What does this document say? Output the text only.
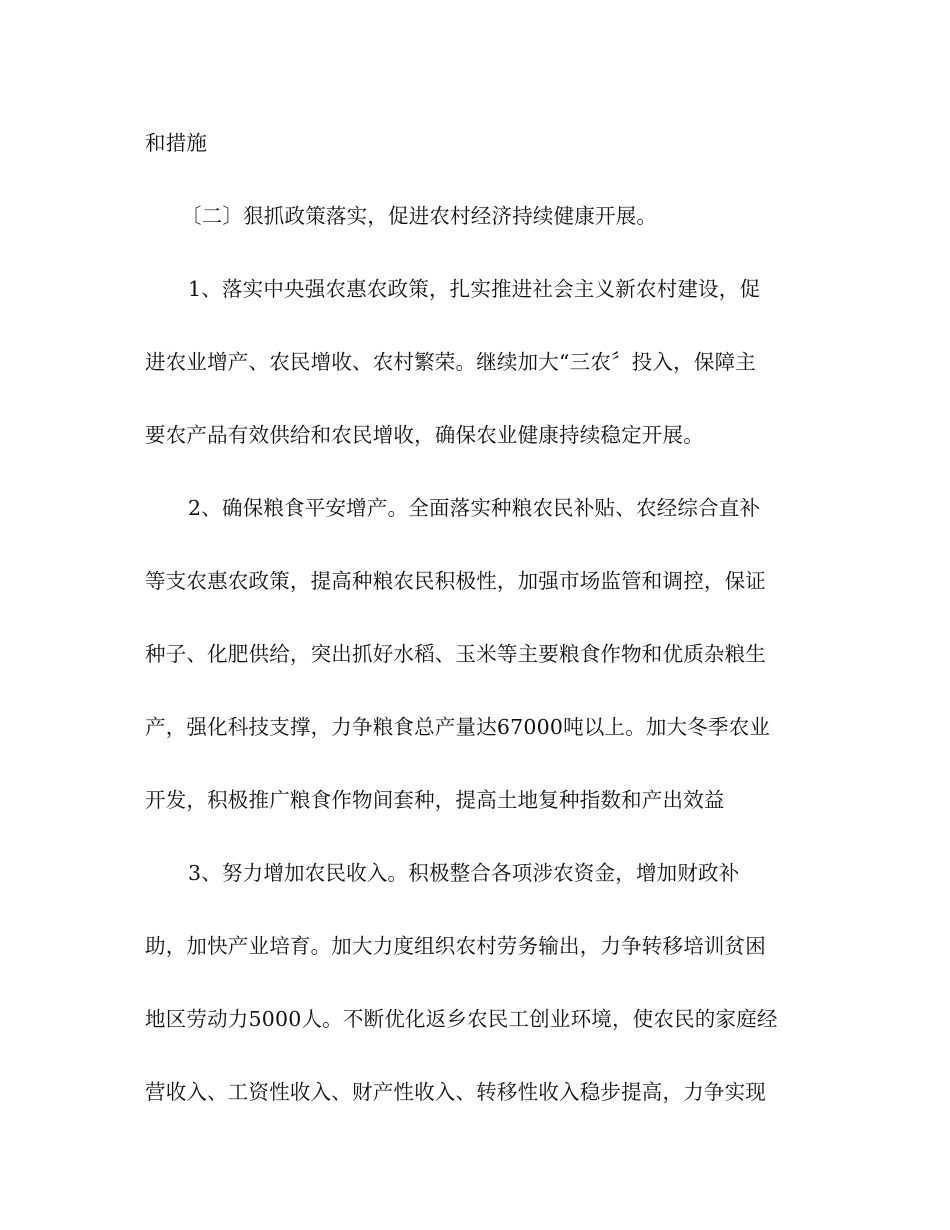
和措施
〔二〕狠抓政策落实，促进农村经济持续健康开展。
1、落实中央强农惠农政策，扎实推进社会主义新农村建设，促
进农业增产、农民增收、农村繁荣。继续加大“三农〞投入，保障主
要农产品有效供给和农民增收，确保农业健康持续稳定开展。
2、确保粮食平安增产。全面落实种粮农民补贴、农经综合直补
等支农惠农政策，提高种粮农民积极性，加强市场监管和调控，保证
种子、化肥供给，突出抓好水稻、玉米等主要粮食作物和优质杂粮生
产，强化科技支撑，力争粮食总产量达67000吨以上。加大冬季农业
开发，积极推广粮食作物间套种，提高土地复种指数和产出效益
3、努力增加农民收入。积极整合各项涉农资金，增加财政补
助，加快产业培育。加大力度组织农村劳务输出，力争转移培训贫困
地区劳动力5000人。不断优化返乡农民工创业环境，使农民的家庭经
营收入、工资性收入、财产性收入、转移性收入稳步提高，力争实现
